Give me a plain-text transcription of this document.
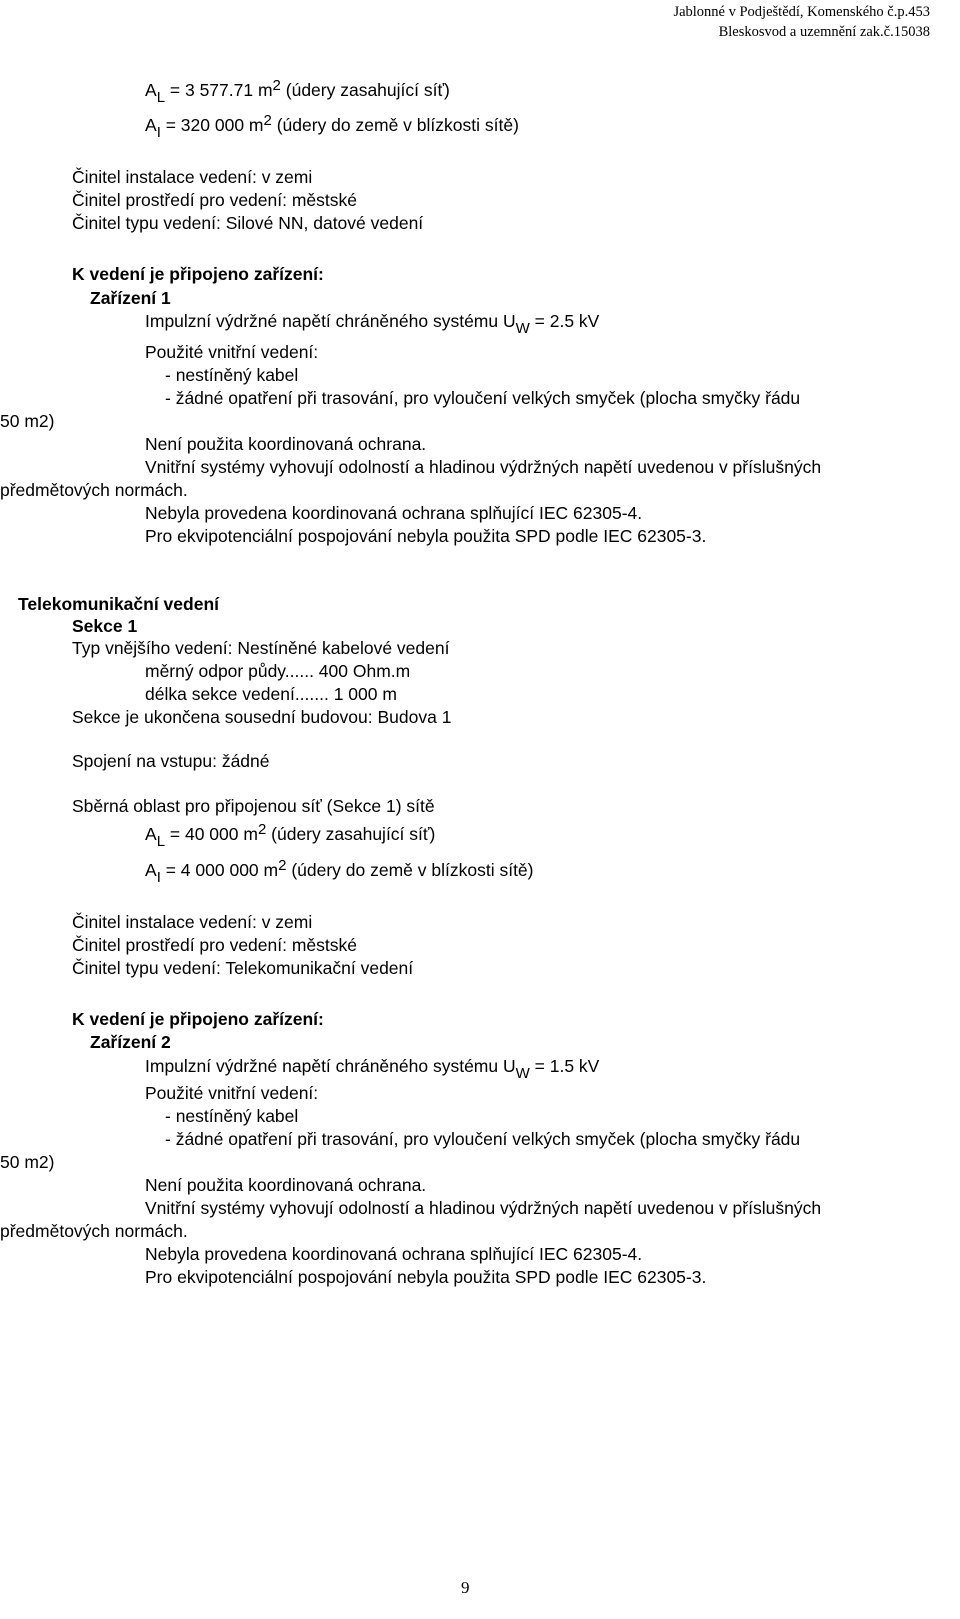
Jablonné v Podještědí, Komenského č.p.453
Bleskosvod a uzemnění zak.č.15038
AL = 3 577.71 m2 (údery zasahující síť)
AI = 320 000 m2 (údery do země v blízkosti sítě)
Činitel instalace vedení: v zemi
Činitel prostředí pro vedení: městské
Činitel typu vedení: Silové NN, datové vedení
K vedení je připojeno zařízení:
Zařízení 1
Impulzní výdržné napětí chráněného systému UW = 2.5 kV
Použité vnitřní vedení:
- nestíněný kabel
- žádné opatření při trasování, pro vyloučení velkých smyček (plocha smyčky řádu
50 m2)
Není použita koordinovaná ochrana.
Vnitřní systémy vyhovují odolností a hladinou výdržných napětí uvedenou v příslušných
předmětových normách.
Nebyla provedena koordinovaná ochrana splňující IEC 62305-4.
Pro ekvipotenciální pospojování nebyla použita SPD podle IEC 62305-3.
Telekomunikační vedení
Sekce 1
Typ vnějšího vedení: Nestíněné kabelové vedení
měrný odpor půdy...... 400 Ohm.m
délka sekce vedení....... 1 000 m
Sekce je ukončena sousední budovou: Budova 1
Spojení na vstupu: žádné
Sběrná oblast pro připojenou síť (Sekce 1) sítě
AL = 40 000 m2 (údery zasahující síť)
AI = 4 000 000 m2 (údery do země v blízkosti sítě)
Činitel instalace vedení: v zemi
Činitel prostředí pro vedení: městské
Činitel typu vedení: Telekomunikační vedení
K vedení je připojeno zařízení:
Zařízení 2
Impulzní výdržné napětí chráněného systému UW = 1.5 kV
Použité vnitřní vedení:
- nestíněný kabel
- žádné opatření při trasování, pro vyloučení velkých smyček (plocha smyčky řádu
50 m2)
Není použita koordinovaná ochrana.
Vnitřní systémy vyhovují odolností a hladinou výdržných napětí uvedenou v příslušných
předmětových normách.
Nebyla provedena koordinovaná ochrana splňující IEC 62305-4.
Pro ekvipotenciální pospojování nebyla použita SPD podle IEC 62305-3.
9
